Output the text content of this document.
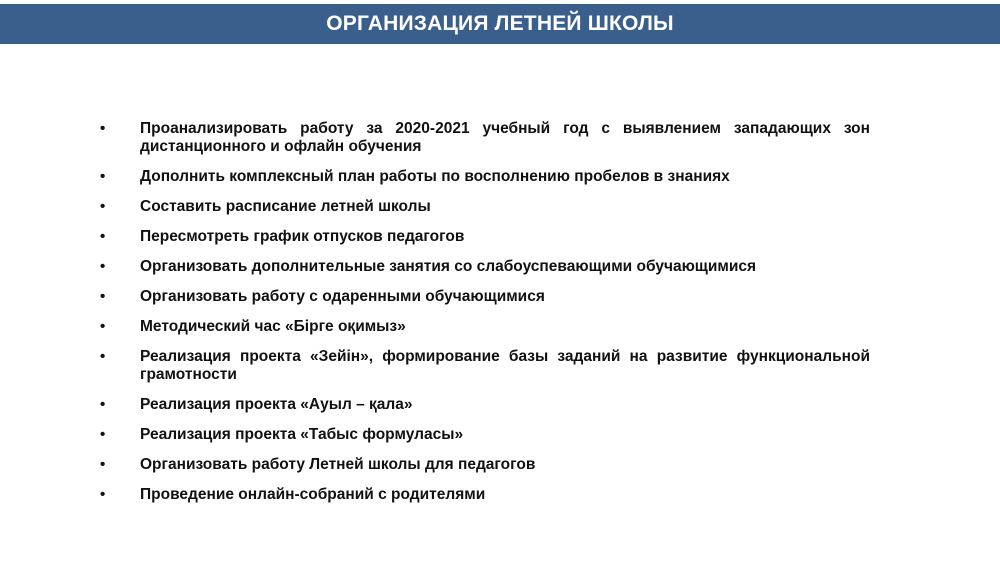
ОРГАНИЗАЦИЯ ЛЕТНЕЙ ШКОЛЫ
•	Проанализировать работу за 2020-2021 учебный год с выявлением западающих зон дистанционного и офлайн обучения
•	Дополнить комплексный план работы по восполнению пробелов в знаниях
•	Составить расписание летней школы
•	Пересмотреть график отпусков педагогов
•	Организовать дополнительные занятия со слабоуспевающими обучающимися
•	Организовать работу с одаренными обучающимися
•	Методический час «Бірге оқимыз»
•	Реализация проекта «Зейін», формирование базы заданий на развитие функциональной грамотности
•	Реализация проекта «Ауыл – қала»
•	Реализация проекта «Табыс формуласы»
•	Организовать работу Летней школы для педагогов
•	Проведение онлайн-собраний с родителями
